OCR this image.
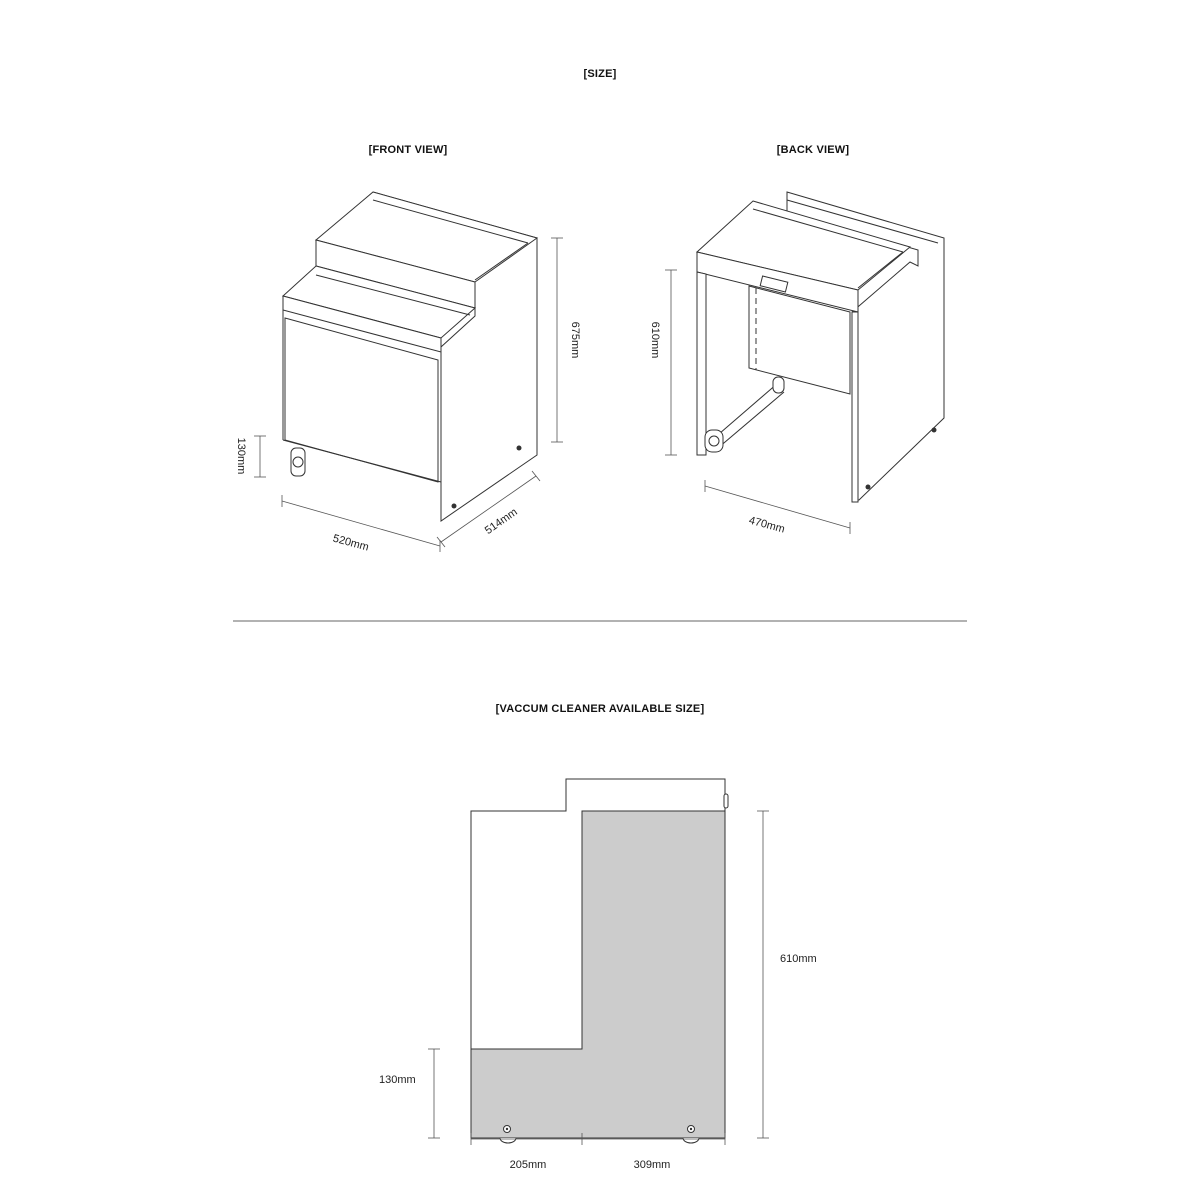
[SIZE]
[FRONT VIEW]	[BACK VIEW]
[VACCUM CLEANER AVAILABLE SIZE]
675mm
130mm
520mm
514mm
610mm
470mm
610mm
130mm
205mm	309mm
